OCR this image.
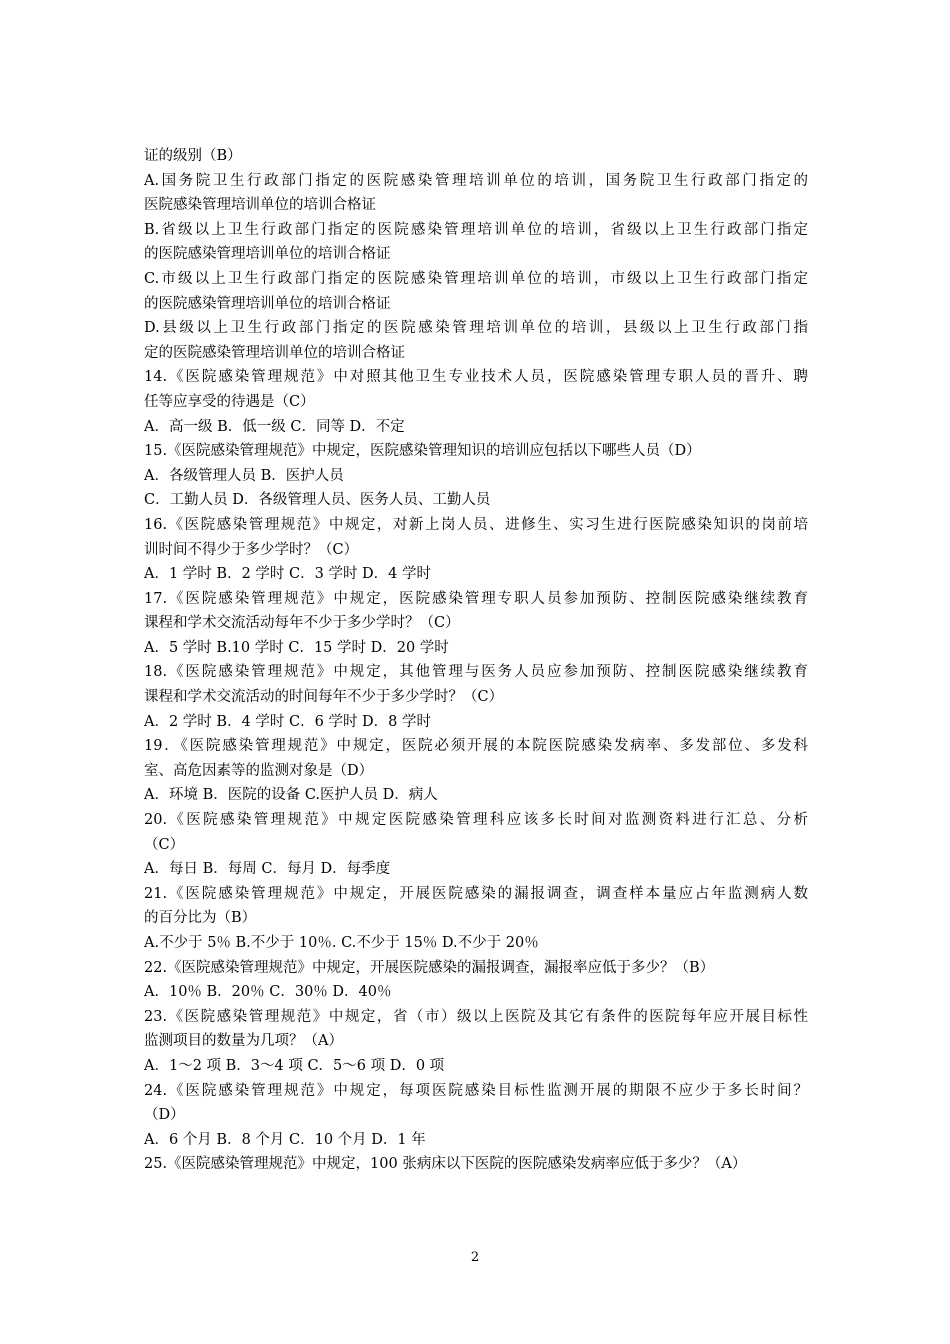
证的级别（B）
A.国务院卫生行政部门指定的医院感染管理培训单位的培训，国务院卫生行政部门指定的
医院感染管理培训单位的培训合格证
B.省级以上卫生行政部门指定的医院感染管理培训单位的培训，省级以上卫生行政部门指定
的医院感染管理培训单位的培训合格证
C.市级以上卫生行政部门指定的医院感染管理培训单位的培训，市级以上卫生行政部门指定
的医院感染管理培训单位的培训合格证
D.县级以上卫生行政部门指定的医院感染管理培训单位的培训，县级以上卫生行政部门指
定的医院感染管理培训单位的培训合格证
14.《医院感染管理规范》中对照其他卫生专业技术人员，医院感染管理专职人员的晋升、聘
任等应享受的待遇是（C）
A．高一级 B．低一级 C．同等 D．不定
15.《医院感染管理规范》中规定，医院感染管理知识的培训应包括以下哪些人员（D）
A．各级管理人员 B．医护人员
C．工勤人员 D．各级管理人员、医务人员、工勤人员
16.《医院感染管理规范》中规定，对新上岗人员、进修生、实习生进行医院感染知识的岗前培
训时间不得少于多少学时？（C）
A．1 学时 B．2 学时 C．3 学时 D．4 学时
17.《医院感染管理规范》中规定，医院感染管理专职人员参加预防、控制医院感染继续教育
课程和学术交流活动每年不少于多少学时？（C）
A．5 学时 B.10 学时 C．15 学时 D．20 学时
18.《医院感染管理规范》中规定，其他管理与医务人员应参加预防、控制医院感染继续教育
课程和学术交流活动的时间每年不少于多少学时？（C）
A．2 学时 B．4 学时 C．6 学时 D．8 学时
19．《医院感染管理规范》中规定，医院必须开展的本院医院感染发病率、多发部位、多发科
室、高危因素等的监测对象是（D）
A．环境 B．医院的设备 C.医护人员 D．病人
20.《医院感染管理规范》中规定医院感染管理科应该多长时间对监测资料进行汇总、分析
（C）
A．每日 B．每周 C．每月 D．每季度
21.《医院感染管理规范》中规定，开展医院感染的漏报调查，调查样本量应占年监测病人数
的百分比为（B）
A.不少于 5％ B.不少于 10％. C.不少于 15％ D.不少于 20％
22.《医院感染管理规范》中规定，开展医院感染的漏报调查，漏报率应低于多少？（B）
A．10％ B．20％ C．30％ D．40％
23.《医院感染管理规范》中规定，省（市）级以上医院及其它有条件的医院每年应开展目标性
监测项目的数量为几项？（A）
A．1～2 项 B．3～4 项 C．5～6 项 D．0 项
24.《医院感染管理规范》中规定，每项医院感染目标性监测开展的期限不应少于多长时间？
（D）
A．6 个月 B．8 个月 C．10 个月 D．1 年
25.《医院感染管理规范》中规定，100 张病床以下医院的医院感染发病率应低于多少？（A）
2
